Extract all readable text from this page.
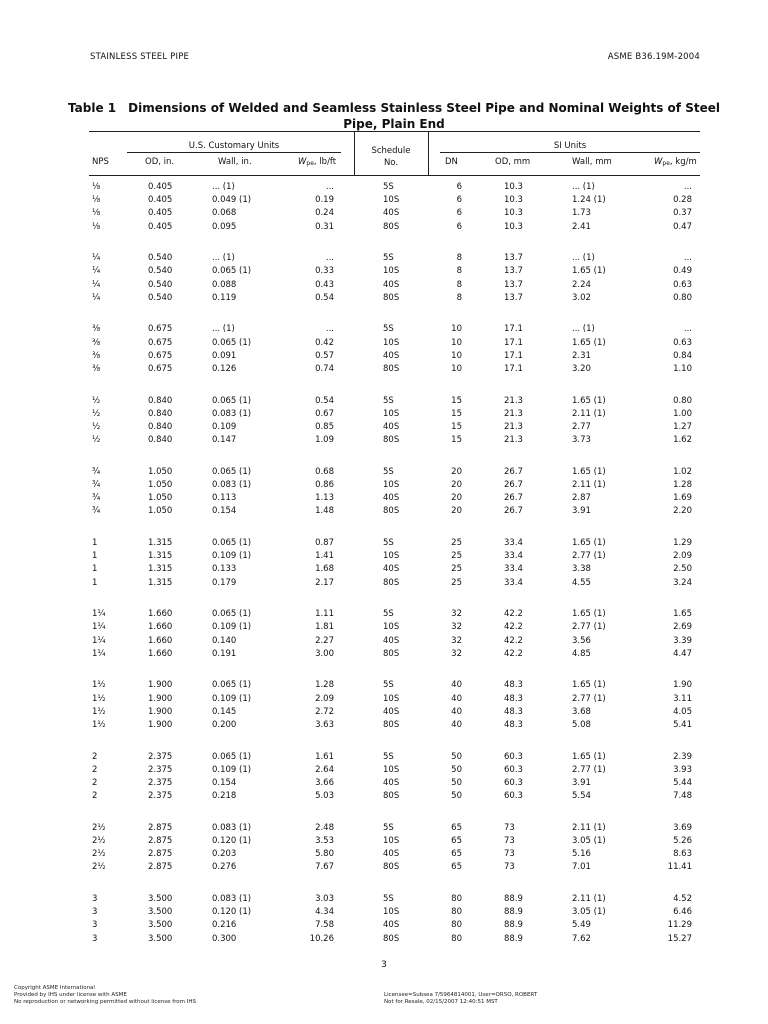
STAINLESS STEEL PIPE	ASME B36.19M-2004
Table 1 Dimensions of Welded and Seamless Stainless Steel Pipe and Nominal Weights of Steel Pipe, Plain End
U.S. Customary Units	SI Units
NPS	OD, in.	Wall, in.	$W_{pe}$, lb/ft
Schedule
No.	DN	OD, mm	Wall, mm	$W_{pe}$, kg/m
⅛	0.405	... (1)	...	5S	6	10.3	... (1)	...
⅛	0.405	0.049 (1)	0.19	10S	6	10.3	1.24 (1)	0.28
⅛	0.405	0.068	0.24	40S	6	10.3	1.73	0.37
⅛	0.405	0.095	0.31	80S	6	10.3	2.41	0.47
¼	0.540	... (1)	...	5S	8	13.7	... (1)	...
¼	0.540	0.065 (1)	0.33	10S	8	13.7	1.65 (1)	0.49
¼	0.540	0.088	0.43	40S	8	13.7	2.24	0.63
¼	0.540	0.119	0.54	80S	8	13.7	3.02	0.80
⅜	0.675	... (1)	...	5S	10	17.1	... (1)	...
⅜	0.675	0.065 (1)	0.42	10S	10	17.1	1.65 (1)	0.63
⅜	0.675	0.091	0.57	40S	10	17.1	2.31	0.84
⅜	0.675	0.126	0.74	80S	10	17.1	3.20	1.10
½	0.840	0.065 (1)	0.54	5S	15	21.3	1.65 (1)	0.80
½	0.840	0.083 (1)	0.67	10S	15	21.3	2.11 (1)	1.00
½	0.840	0.109	0.85	40S	15	21.3	2.77	1.27
½	0.840	0.147	1.09	80S	15	21.3	3.73	1.62
¾	1.050	0.065 (1)	0.68	5S	20	26.7	1.65 (1)	1.02
¾	1.050	0.083 (1)	0.86	10S	20	26.7	2.11 (1)	1.28
¾	1.050	0.113	1.13	40S	20	26.7	2.87	1.69
¾	1.050	0.154	1.48	80S	20	26.7	3.91	2.20
1	1.315	0.065 (1)	0.87	5S	25	33.4	1.65 (1)	1.29
1	1.315	0.109 (1)	1.41	10S	25	33.4	2.77 (1)	2.09
1	1.315	0.133	1.68	40S	25	33.4	3.38	2.50
1	1.315	0.179	2.17	80S	25	33.4	4.55	3.24
1¼	1.660	0.065 (1)	1.11	5S	32	42.2	1.65 (1)	1.65
1¼	1.660	0.109 (1)	1.81	10S	32	42.2	2.77 (1)	2.69
1¼	1.660	0.140	2.27	40S	32	42.2	3.56	3.39
1¼	1.660	0.191	3.00	80S	32	42.2	4.85	4.47
1½	1.900	0.065 (1)	1.28	5S	40	48.3	1.65 (1)	1.90
1½	1.900	0.109 (1)	2.09	10S	40	48.3	2.77 (1)	3.11
1½	1.900	0.145	2.72	40S	40	48.3	3.68	4.05
1½	1.900	0.200	3.63	80S	40	48.3	5.08	5.41
2	2.375	0.065 (1)	1.61	5S	50	60.3	1.65 (1)	2.39
2	2.375	0.109 (1)	2.64	10S	50	60.3	2.77 (1)	3.93
2	2.375	0.154	3.66	40S	50	60.3	3.91	5.44
2	2.375	0.218	5.03	80S	50	60.3	5.54	7.48
2½	2.875	0.083 (1)	2.48	5S	65	73	2.11 (1)	3.69
2½	2.875	0.120 (1)	3.53	10S	65	73	3.05 (1)	5.26
2½	2.875	0.203	5.80	40S	65	73	5.16	8.63
2½	2.875	0.276	7.67	80S	65	73	7.01	11.41
3	3.500	0.083 (1)	3.03	5S	80	88.9	2.11 (1)	4.52
3	3.500	0.120 (1)	4.34	10S	80	88.9	3.05 (1)	6.46
3	3.500	0.216	7.58	40S	80	88.9	5.49	11.29
3	3.500	0.300	10.26	80S	80	88.9	7.62	15.27
3
Copyright ASME International
Provided by IHS under license with ASME
No reproduction or networking permitted without license from IHS
Licensee=Subsea 7/5964814001, User=ORSO, ROBERT
Not for Resale, 02/15/2007 12:40:51 MST
